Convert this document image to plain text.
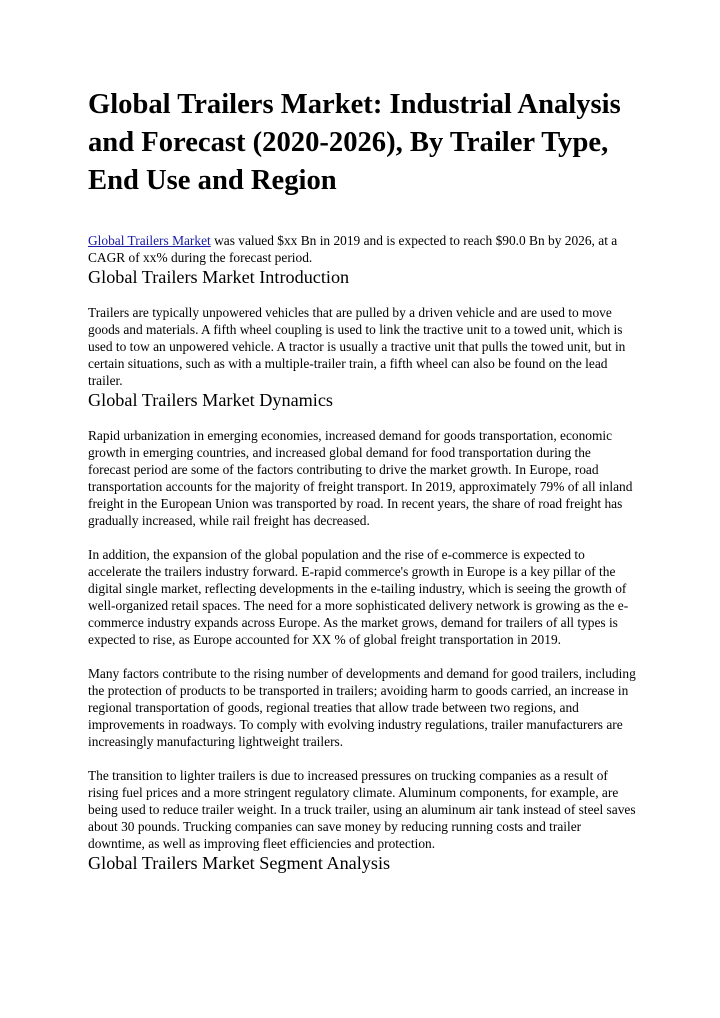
Global Trailers Market: Industrial Analysis and Forecast (2020-2026), By Trailer Type, End Use and Region

Global Trailers Market was valued $xx Bn in 2019 and is expected to reach $90.0 Bn by 2026, at a CAGR of xx% during the forecast period.

Global Trailers Market Introduction

Trailers are typically unpowered vehicles that are pulled by a driven vehicle and are used to move goods and materials. A fifth wheel coupling is used to link the tractive unit to a towed unit, which is used to tow an unpowered vehicle. A tractor is usually a tractive unit that pulls the towed unit, but in certain situations, such as with a multiple-trailer train, a fifth wheel can also be found on the lead trailer.

Global Trailers Market Dynamics

Rapid urbanization in emerging economies, increased demand for goods transportation, economic growth in emerging countries, and increased global demand for food transportation during the forecast period are some of the factors contributing to drive the market growth. In Europe, road transportation accounts for the majority of freight transport. In 2019, approximately 79% of all inland freight in the European Union was transported by road. In recent years, the share of road freight has gradually increased, while rail freight has decreased.

In addition, the expansion of the global population and the rise of e-commerce is expected to accelerate the trailers industry forward. E-rapid commerce's growth in Europe is a key pillar of the digital single market, reflecting developments in the e-tailing industry, which is seeing the growth of well-organized retail spaces. The need for a more sophisticated delivery network is growing as the e-commerce industry expands across Europe. As the market grows, demand for trailers of all types is expected to rise, as Europe accounted for XX % of global freight transportation in 2019.

Many factors contribute to the rising number of developments and demand for good trailers, including the protection of products to be transported in trailers; avoiding harm to goods carried, an increase in regional transportation of goods, regional treaties that allow trade between two regions, and improvements in roadways. To comply with evolving industry regulations, trailer manufacturers are increasingly manufacturing lightweight trailers.

The transition to lighter trailers is due to increased pressures on trucking companies as a result of rising fuel prices and a more stringent regulatory climate. Aluminum components, for example, are being used to reduce trailer weight. In a truck trailer, using an aluminum air tank instead of steel saves about 30 pounds. Trucking companies can save money by reducing running costs and trailer downtime, as well as improving fleet efficiencies and protection.

Global Trailers Market Segment Analysis
